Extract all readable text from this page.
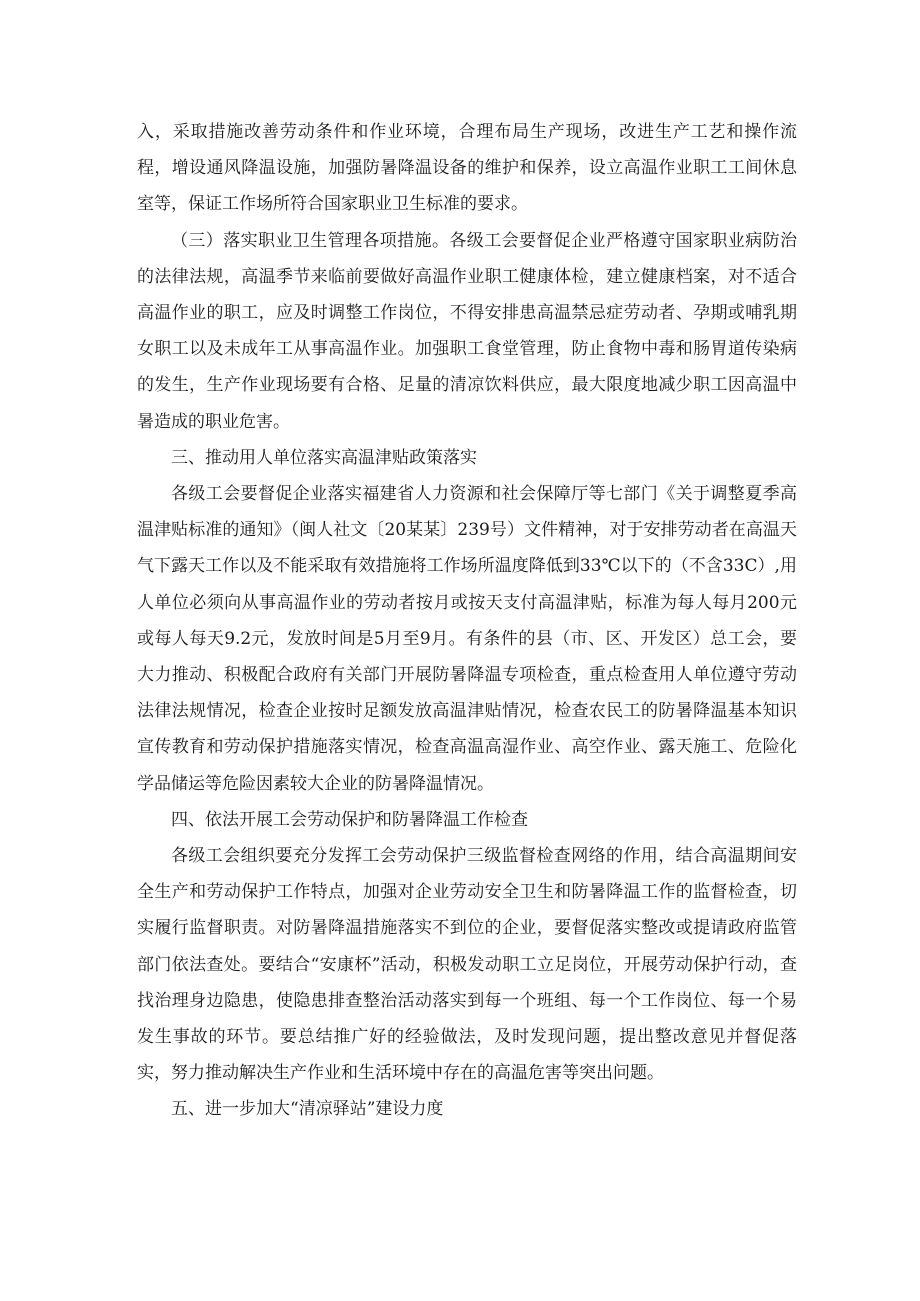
入，采取措施改善劳动条件和作业环境，合理布局生产现场，改进生产工艺和操作流程，增设通风降温设施，加强防暑降温设备的维护和保养，设立高温作业职工工间休息室等，保证工作场所符合国家职业卫生标准的要求。

（三）落实职业卫生管理各项措施。各级工会要督促企业严格遵守国家职业病防治的法律法规，高温季节来临前要做好高温作业职工健康体检，建立健康档案，对不适合高温作业的职工，应及时调整工作岗位，不得安排患高温禁忌症劳动者、孕期或哺乳期女职工以及未成年工从事高温作业。加强职工食堂管理，防止食物中毒和肠胃道传染病的发生，生产作业现场要有合格、足量的清凉饮料供应，最大限度地减少职工因高温中暑造成的职业危害。

三、推动用人单位落实高温津贴政策落实

各级工会要督促企业落实福建省人力资源和社会保障厅等七部门《关于调整夏季高温津贴标准的通知》（闽人社文〔20某某〕239号）文件精神，对于安排劳动者在高温天气下露天工作以及不能采取有效措施将工作场所温度降低到33℃以下的（不含33C）,用人单位必须向从事高温作业的劳动者按月或按天支付高温津贴，标准为每人每月200元或每人每天9.2元，发放时间是5月至9月。有条件的县（市、区、开发区）总工会，要大力推动、积极配合政府有关部门开展防暑降温专项检查，重点检查用人单位遵守劳动法律法规情况，检查企业按时足额发放高温津贴情况，检查农民工的防暑降温基本知识宣传教育和劳动保护措施落实情况，检查高温高湿作业、高空作业、露天施工、危险化学品储运等危险因素较大企业的防暑降温情况。

四、依法开展工会劳动保护和防暑降温工作检查

各级工会组织要充分发挥工会劳动保护三级监督检查网络的作用，结合高温期间安全生产和劳动保护工作特点，加强对企业劳动安全卫生和防暑降温工作的监督检查，切实履行监督职责。对防暑降温措施落实不到位的企业，要督促落实整改或提请政府监管部门依法查处。要结合“安康杯”活动，积极发动职工立足岗位，开展劳动保护行动，查找治理身边隐患，使隐患排查整治活动落实到每一个班组、每一个工作岗位、每一个易发生事故的环节。要总结推广好的经验做法，及时发现问题，提出整改意见并督促落实，努力推动解决生产作业和生活环境中存在的高温危害等突出问题。

五、进一步加大“清凉驿站”建设力度
